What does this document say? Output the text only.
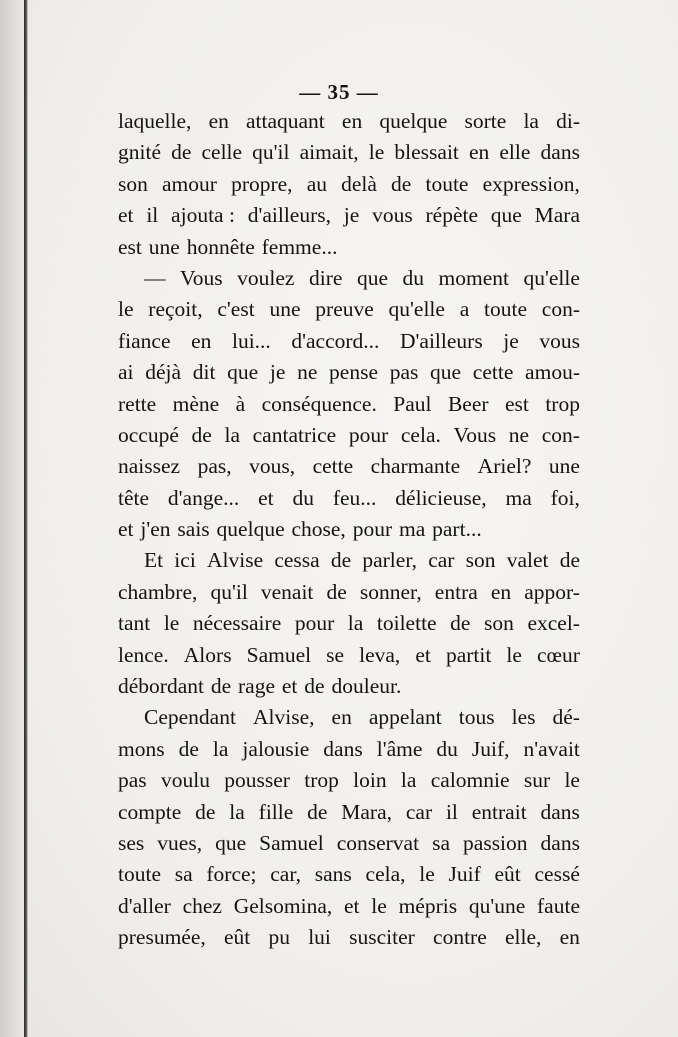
— 35 —
laquelle, en attaquant en quelque sorte la di-
gnité de celle qu'il aimait, le blessait en elle dans
son amour propre, au delà de toute expression,
et il ajouta : d'ailleurs, je vous répète que Mara
est une honnête femme...
— Vous voulez dire que du moment qu'elle
le reçoit, c'est une preuve qu'elle a toute con-
fiance en lui... d'accord... D'ailleurs je vous
ai déjà dit que je ne pense pas que cette amou-
rette mène à conséquence. Paul Beer est trop
occupé de la cantatrice pour cela. Vous ne con-
naissez pas, vous, cette charmante Ariel? une
tête d'ange... et du feu... délicieuse, ma foi,
et j'en sais quelque chose, pour ma part...
Et ici Alvise cessa de parler, car son valet de
chambre, qu'il venait de sonner, entra en appor-
tant le nécessaire pour la toilette de son excel-
lence. Alors Samuel se leva, et partit le cœur
débordant de rage et de douleur.
Cependant Alvise, en appelant tous les dé-
mons de la jalousie dans l'âme du Juif, n'avait
pas voulu pousser trop loin la calomnie sur le
compte de la fille de Mara, car il entrait dans
ses vues, que Samuel conservat sa passion dans
toute sa force; car, sans cela, le Juif eût cessé
d'aller chez Gelsomina, et le mépris qu'une faute
presumée, eût pu lui susciter contre elle, en
